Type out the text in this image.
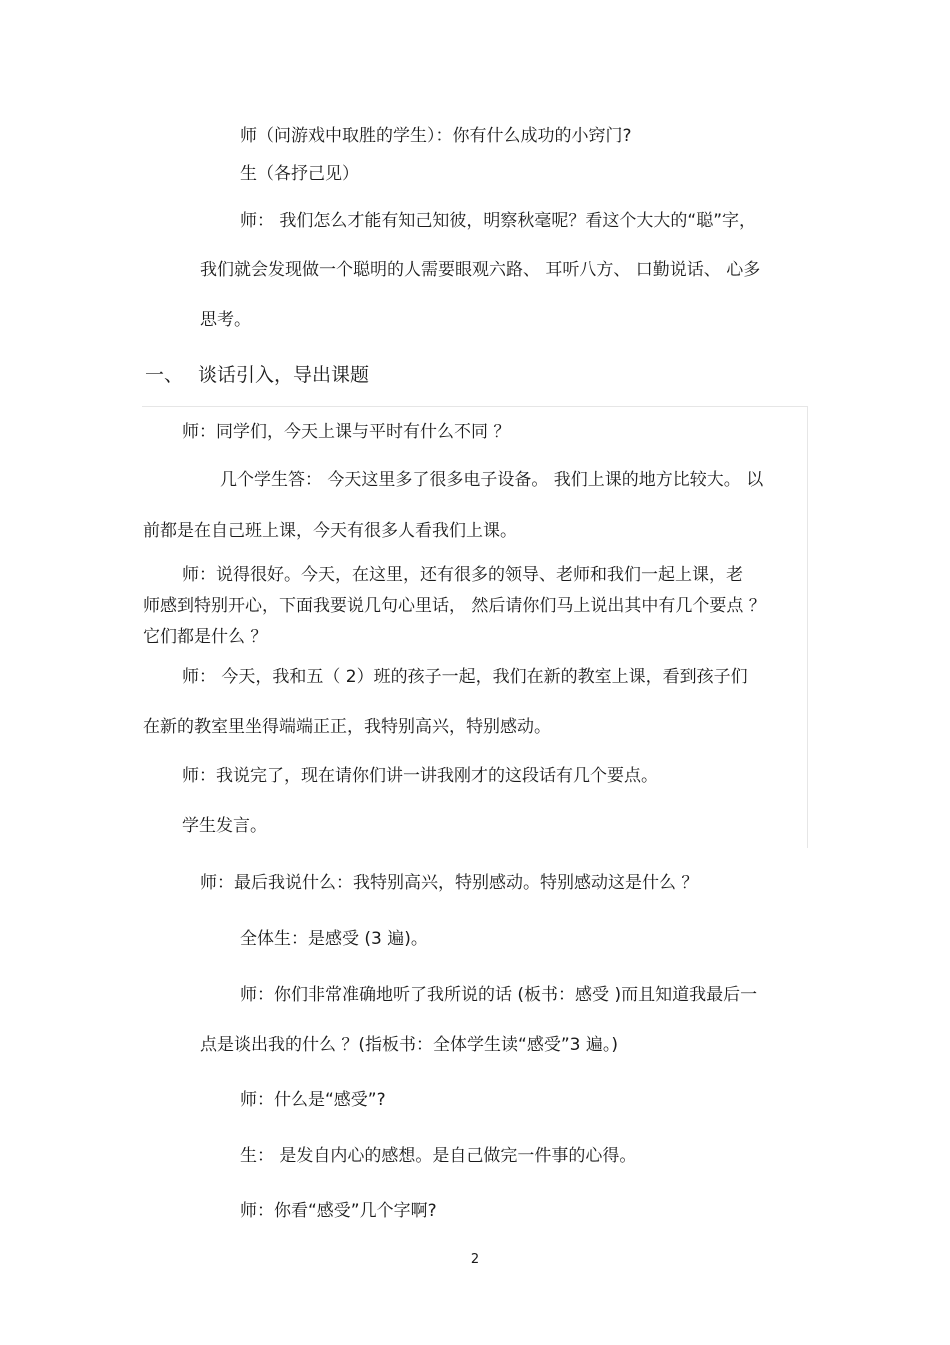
师（问游戏中取胜的学生）：你有什么成功的小窍门?

生（各抒己见）

师： 我们怎么才能有知己知彼，明察秋毫呢？看这个大大的“聪”字，

我们就会发现做一个聪明的人需要眼观六路、 耳听八方、 口勤说话、 心多

思考。

一、 谈话引入，导出课题

师：同学们，今天上课与平时有什么不同 ？

几个学生答： 今天这里多了很多电子设备。 我们上课的地方比较大。 以

前都是在自己班上课，今天有很多人看我们上课。

师：说得很好。今天，在这里，还有很多的领导、老师和我们一起上课，老

师感到特别开心，下面我要说几句心里话， 然后请你们马上说出其中有几个要点 ？

它们都是什么 ？

师： 今天，我和五（ 2）班的孩子一起，我们在新的教室上课，看到孩子们

在新的教室里坐得端端正正，我特别高兴，特别感动。

师：我说完了，现在请你们讲一讲我刚才的这段话有几个要点。

学生发言。

师：最后我说什么：我特别高兴，特别感动。特别感动这是什么 ？

全体生：是感受 (3 遍)。

师：你们非常准确地听了我所说的话 (板书：感受 )而且知道我最后一

点是谈出我的什么 ？(指板书：全体学生读“感受”3 遍。)

师：什么是“感受”?

生： 是发自内心的感想。是自己做完一件事的心得。

师：你看“感受”几个字啊?

2
